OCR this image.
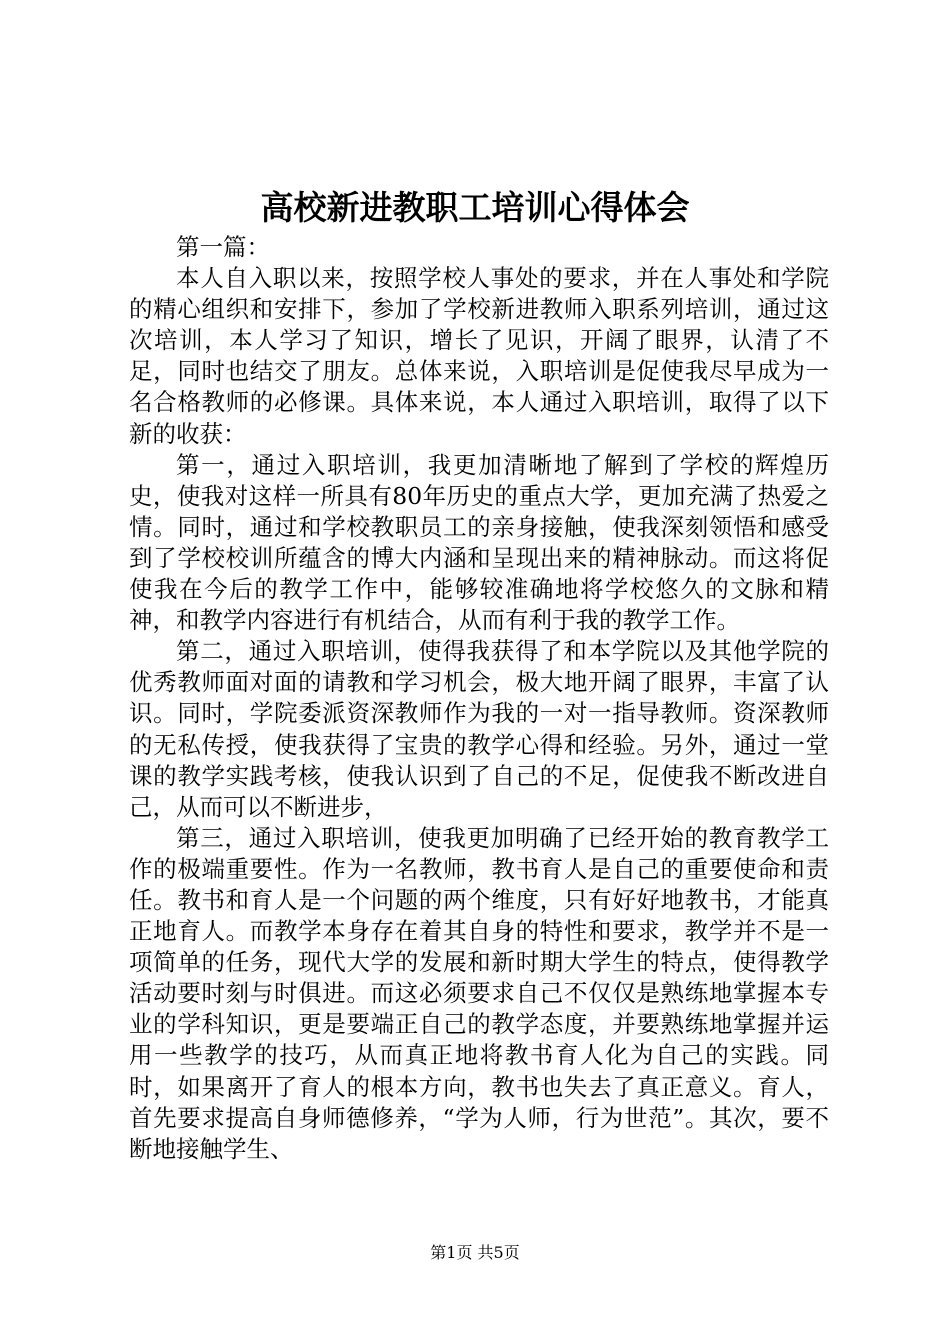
高校新进教职工培训心得体会

第一篇：

本人自入职以来，按照学校人事处的要求，并在人事处和学院的精心组织和安排下，参加了学校新进教师入职系列培训，通过这次培训，本人学习了知识，增长了见识，开阔了眼界，认清了不足，同时也结交了朋友。总体来说，入职培训是促使我尽早成为一名合格教师的必修课。具体来说，本人通过入职培训，取得了以下新的收获：

第一，通过入职培训，我更加清晰地了解到了学校的辉煌历史，使我对这样一所具有80年历史的重点大学，更加充满了热爱之情。同时，通过和学校教职员工的亲身接触，使我深刻领悟和感受到了学校校训所蕴含的博大内涵和呈现出来的精神脉动。而这将促使我在今后的教学工作中，能够较准确地将学校悠久的文脉和精神，和教学内容进行有机结合，从而有利于我的教学工作。

第二，通过入职培训，使得我获得了和本学院以及其他学院的优秀教师面对面的请教和学习机会，极大地开阔了眼界，丰富了认识。同时，学院委派资深教师作为我的一对一指导教师。资深教师的无私传授，使我获得了宝贵的教学心得和经验。另外，通过一堂课的教学实践考核，使我认识到了自己的不足，促使我不断改进自己，从而可以不断进步，

第三，通过入职培训，使我更加明确了已经开始的教育教学工作的极端重要性。作为一名教师，教书育人是自己的重要使命和责任。教书和育人是一个问题的两个维度，只有好好地教书，才能真正地育人。而教学本身存在着其自身的特性和要求，教学并不是一项简单的任务，现代大学的发展和新时期大学生的特点，使得教学活动要时刻与时俱进。而这必须要求自己不仅仅是熟练地掌握本专业的学科知识，更是要端正自己的教学态度，并要熟练地掌握并运用一些教学的技巧，从而真正地将教书育人化为自己的实践。同时，如果离开了育人的根本方向，教书也失去了真正意义。育人，首先要求提高自身师德修养，“学为人师，行为世范”。其次，要不断地接触学生、

第1页 共5页
